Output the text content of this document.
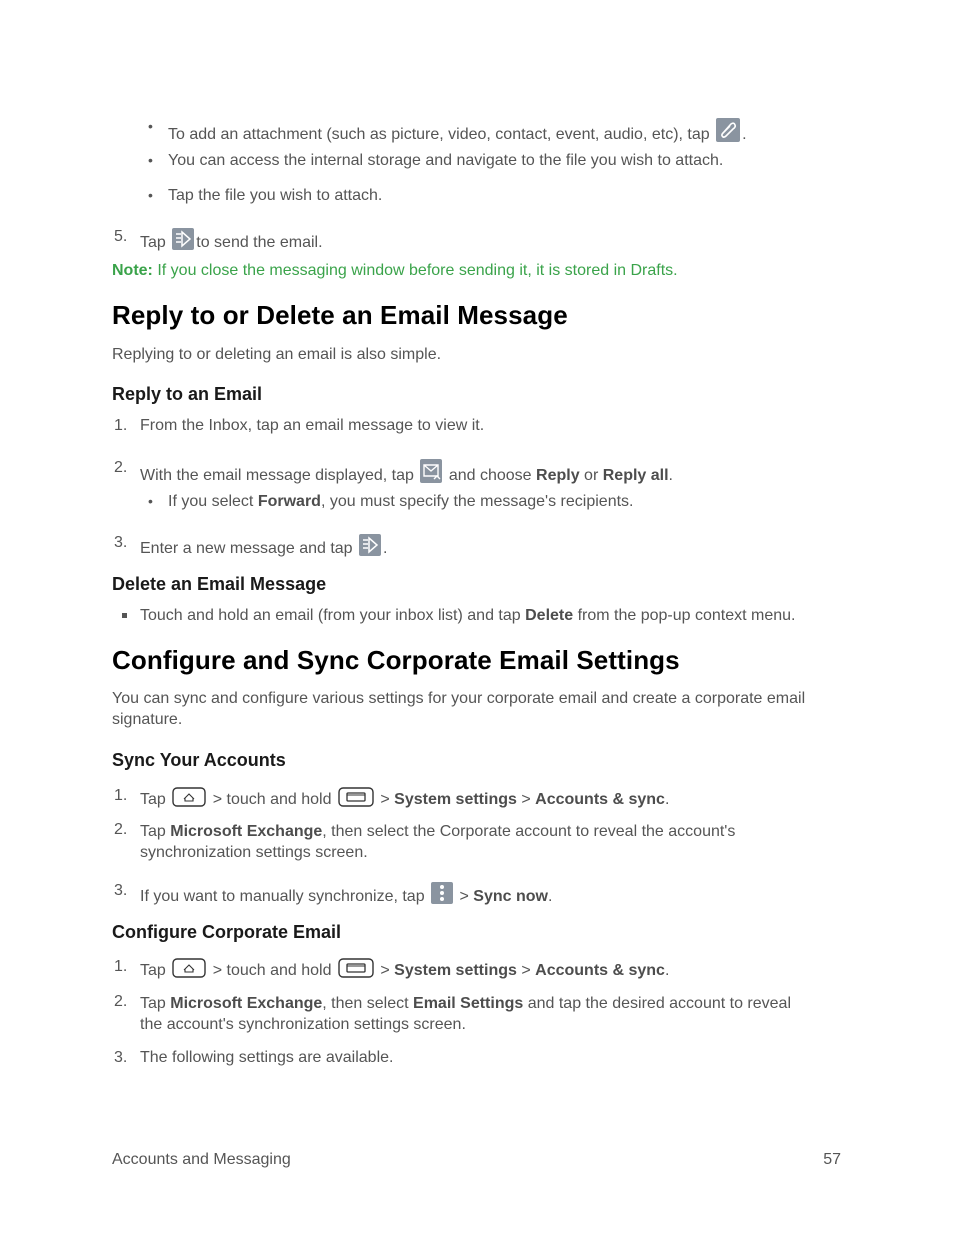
• To add an attachment (such as picture, video, contact, event, audio, etc), tap .
• You can access the internal storage and navigate to the file you wish to attach.
• Tap the file you wish to attach.
5. Tap to send the email.
Note: If you close the messaging window before sending it, it is stored in Drafts.
Reply to or Delete an Email Message
Replying to or deleting an email is also simple.
Reply to an Email
1. From the Inbox, tap an email message to view it.
2. With the email message displayed, tap and choose Reply or Reply all.
• If you select Forward, you must specify the message's recipients.
3. Enter a new message and tap .
Delete an Email Message
Touch and hold an email (from your inbox list) and tap Delete from the pop-up context menu.
Configure and Sync Corporate Email Settings
You can sync and configure various settings for your corporate email and create a corporate email
signature.
Sync Your Accounts
1. Tap	> touch and hold	> System settings > Accounts & sync.
2. Tap Microsoft Exchange, then select the Corporate account to reveal the account's
synchronization settings screen.
3. If you want to manually synchronize, tap > Sync now.
Configure Corporate Email
1. Tap	> touch and hold	> System settings > Accounts & sync.
2. Tap Microsoft Exchange, then select Email Settings and tap the desired account to reveal
the account's synchronization settings screen.
3. The following settings are available.
Accounts and Messaging	57
